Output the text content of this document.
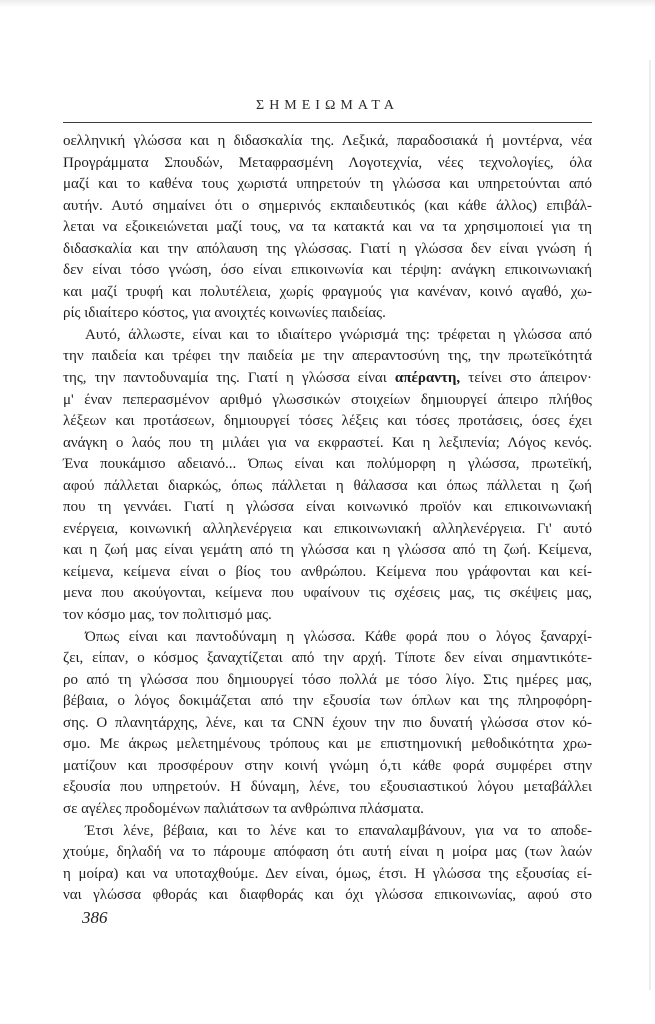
ΣΗΜΕΙΩΜΑΤΑ
οελληνική γλώσσα και η διδασκαλία της. Λεξικά, παραδοσιακά ή μοντέρνα, νέα
Προγράμματα Σπουδών, Μεταφρασμένη Λογοτεχνία, νέες τεχνολογίες, όλα
μαζί και το καθένα τους χωριστά υπηρετούν τη γλώσσα και υπηρετούνται από
αυτήν. Αυτό σημαίνει ότι ο σημερινός εκπαιδευτικός (και κάθε άλλος) επιβάλ-
λεται να εξοικειώνεται μαζί τους, να τα κατακτά και να τα χρησιμοποιεί για τη
διδασκαλία και την απόλαυση της γλώσσας. Γιατί η γλώσσα δεν είναι γνώση ή
δεν είναι τόσο γνώση, όσο είναι επικοινωνία και τέρψη: ανάγκη επικοινωνιακή
και μαζί τρυφή και πολυτέλεια, χωρίς φραγμούς για κανέναν, κοινό αγαθό, χω-
ρίς ιδιαίτερο κόστος, για ανοιχτές κοινωνίες παιδείας.
Αυτό, άλλωστε, είναι και το ιδιαίτερο γνώρισμά της: τρέφεται η γλώσσα από
την παιδεία και τρέφει την παιδεία με την απεραντοσύνη της, την πρωτεϊκότητά
της, την παντοδυναμία της. Γιατί η γλώσσα είναι απέραντη, τείνει στο άπειρον·
μ' έναν πεπερασμένον αριθμό γλωσσικών στοιχείων δημιουργεί άπειρο πλήθος
λέξεων και προτάσεων, δημιουργεί τόσες λέξεις και τόσες προτάσεις, όσες έχει
ανάγκη ο λαός που τη μιλάει για να εκφραστεί. Και η λεξιπενία; Λόγος κενός.
Ένα πουκάμισο αδειανό... Όπως είναι και πολύμορφη η γλώσσα, πρωτεϊκή,
αφού πάλλεται διαρκώς, όπως πάλλεται η θάλασσα και όπως πάλλεται η ζωή
που τη γεννάει. Γιατί η γλώσσα είναι κοινωνικό προϊόν και επικοινωνιακή
ενέργεια, κοινωνική αλληλενέργεια και επικοινωνιακή αλληλενέργεια. Γι' αυτό
και η ζωή μας είναι γεμάτη από τη γλώσσα και η γλώσσα από τη ζωή. Κείμενα,
κείμενα, κείμενα είναι ο βίος του ανθρώπου. Κείμενα που γράφονται και κεί-
μενα που ακούγονται, κείμενα που υφαίνουν τις σχέσεις μας, τις σκέψεις μας,
τον κόσμο μας, τον πολιτισμό μας.
Όπως είναι και παντοδύναμη η γλώσσα. Κάθε φορά που ο λόγος ξαναρχί-
ζει, είπαν, ο κόσμος ξαναχτίζεται από την αρχή. Τίποτε δεν είναι σημαντικότε-
ρο από τη γλώσσα που δημιουργεί τόσο πολλά με τόσο λίγο. Στις ημέρες μας,
βέβαια, ο λόγος δοκιμάζεται από την εξουσία των όπλων και της πληροφόρη-
σης. Ο πλανητάρχης, λένε, και τα CNN έχουν την πιο δυνατή γλώσσα στον κό-
σμο. Με άκρως μελετημένους τρόπους και με επιστημονική μεθοδικότητα χρω-
ματίζουν και προσφέρουν στην κοινή γνώμη ό,τι κάθε φορά συμφέρει στην
εξουσία που υπηρετούν. Η δύναμη, λένε, του εξουσιαστικού λόγου μεταβάλλει
σε αγέλες προδομένων παλιάτσων τα ανθρώπινα πλάσματα.
Έτσι λένε, βέβαια, και το λένε και το επαναλαμβάνουν, για να το αποδε-
χτούμε, δηλαδή να το πάρουμε απόφαση ότι αυτή είναι η μοίρα μας (των λαών
η μοίρα) και να υποταχθούμε. Δεν είναι, όμως, έτσι. Η γλώσσα της εξουσίας εί-
ναι γλώσσα φθοράς και διαφθοράς και όχι γλώσσα επικοινωνίας, αφού στο
386
